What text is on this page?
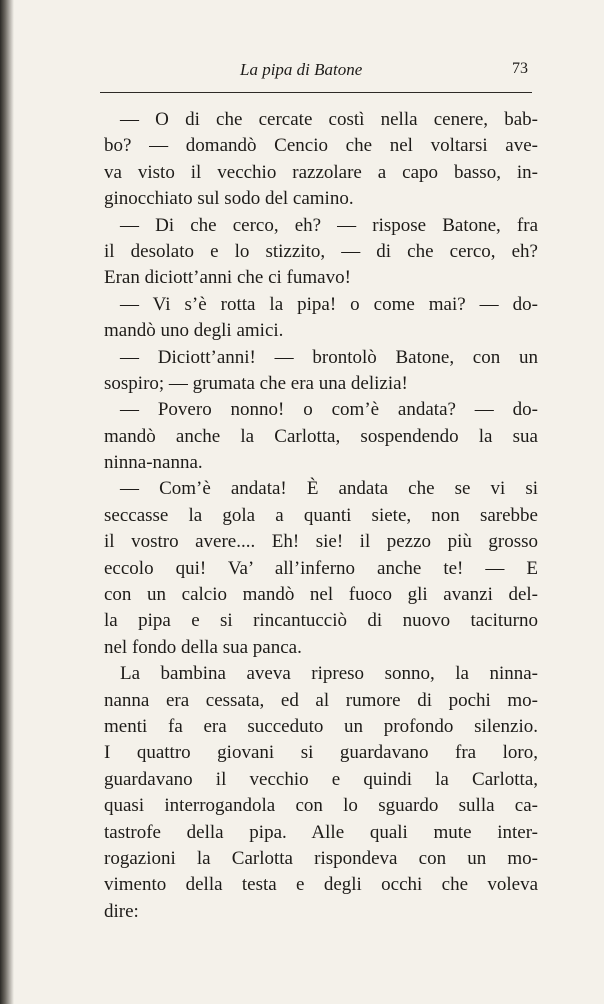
La pipa di Batone	73
— O di che cercate costì nella cenere, bab-
bo? — domandò Cencio che nel voltarsi ave-
va visto il vecchio razzolare a capo basso, in-
ginocchiato sul sodo del camino.
— Di che cerco, eh? — rispose Batone, fra
il desolato e lo stizzito, — di che cerco, eh?
Eran diciott’anni che ci fumavo!
— Vi s’è rotta la pipa! o come mai? — do-
mandò uno degli amici.
— Diciott’anni! — brontolò Batone, con un
sospiro; — grumata che era una delizia!
— Povero nonno! o com’è andata? — do-
mandò anche la Carlotta, sospendendo la sua
ninna-nanna.
— Com’è andata! È andata che se vi si
seccasse la gola a quanti siete, non sarebbe
il vostro avere.... Eh! sie! il pezzo più grosso
eccolo qui! Va’ all’inferno anche te! — E
con un calcio mandò nel fuoco gli avanzi del-
la pipa e si rincantucciò di nuovo taciturno
nel fondo della sua panca.
La bambina aveva ripreso sonno, la ninna-
nanna era cessata, ed al rumore di pochi mo-
menti fa era succeduto un profondo silenzio.
I quattro giovani si guardavano fra loro,
guardavano il vecchio e quindi la Carlotta,
quasi interrogandola con lo sguardo sulla ca-
tastrofe della pipa. Alle quali mute inter-
rogazioni la Carlotta rispondeva con un mo-
vimento della testa e degli occhi che voleva
dire:
